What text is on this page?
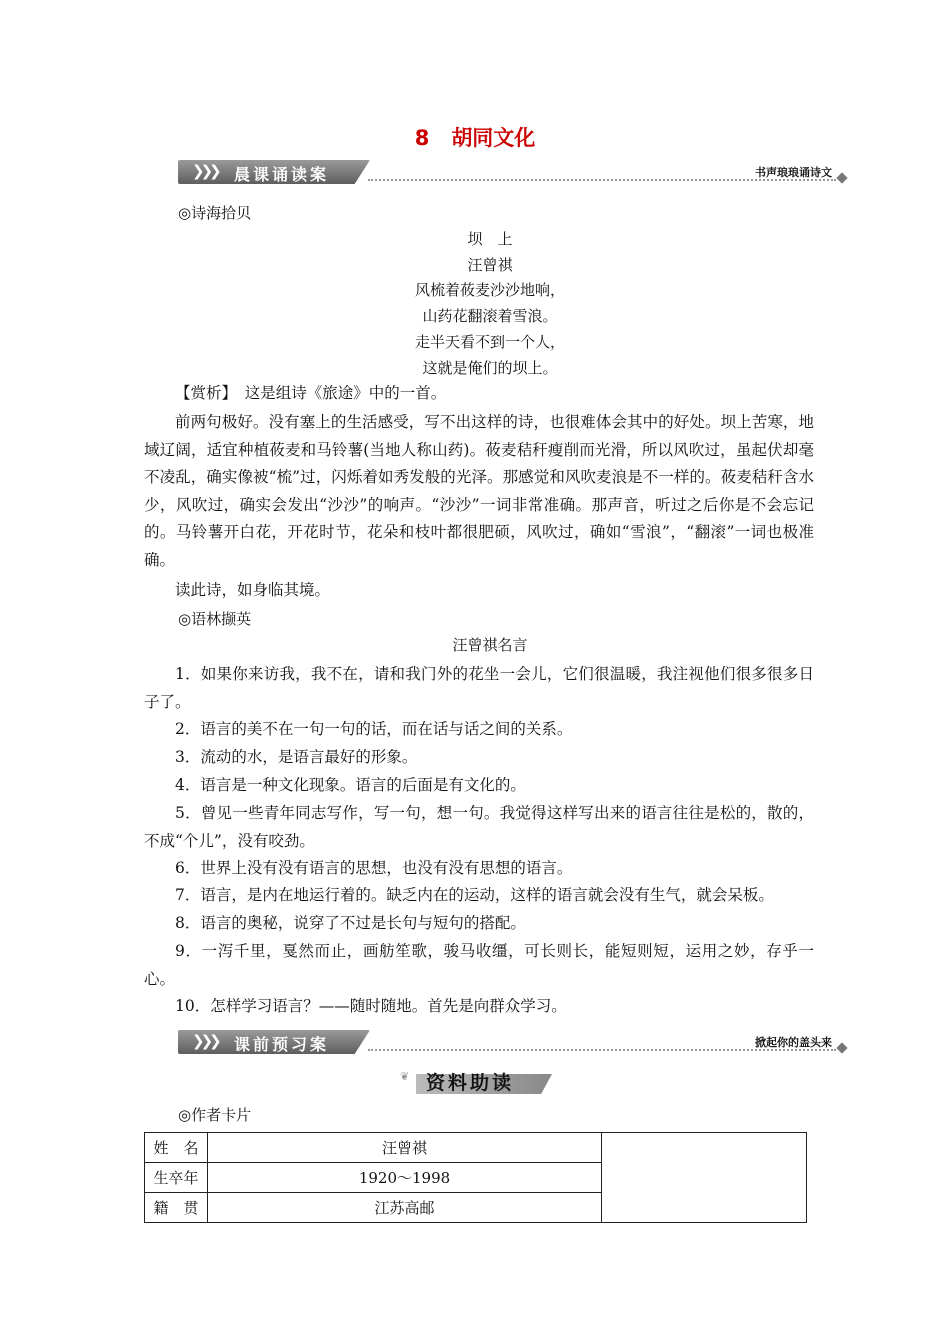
8 胡同文化
❯❯❯ 晨课诵读案	书声琅琅诵诗文
◎诗海拾贝
坝　上
汪曾祺
风梳着莜麦沙沙地响，
山药花翻滚着雪浪。
走半天看不到一个人，
这就是俺们的坝上。
【赏析】　这是组诗《旅途》中的一首。
前两句极好。没有塞上的生活感受，写不出这样的诗，也很难体会其中的好处。坝上苦寒，地域辽阔，适宜种植莜麦和马铃薯(当地人称山药)。莜麦秸秆瘦削而光滑，所以风吹过，虽起伏却毫不凌乱，确实像被“梳”过，闪烁着如秀发般的光泽。那感觉和风吹麦浪是不一样的。莜麦秸秆含水少，风吹过，确实会发出“沙沙”的响声。“沙沙”一词非常准确。那声音，听过之后你是不会忘记的。马铃薯开白花，开花时节，花朵和枝叶都很肥硕，风吹过，确如“雪浪”，“翻滚”一词也极准确。
读此诗，如身临其境。
◎语林撷英
汪曾祺名言
1．如果你来访我，我不在，请和我门外的花坐一会儿，它们很温暖，我注视他们很多很多日子了。
2．语言的美不在一句一句的话，而在话与话之间的关系。
3．流动的水，是语言最好的形象。
4．语言是一种文化现象。语言的后面是有文化的。
5．曾见一些青年同志写作，写一句，想一句。我觉得这样写出来的语言往往是松的，散的，不成“个儿”，没有咬劲。
6．世界上没有没有语言的思想，也没有没有思想的语言。
7．语言，是内在地运行着的。缺乏内在的运动，这样的语言就会没有生气，就会呆板。
8．语言的奥秘，说穿了不过是长句与短句的搭配。
9．一泻千里，戛然而止，画舫笙歌，骏马收缰，可长则长，能短则短，运用之妙，存乎一心。
10．怎样学习语言？——随时随地。首先是向群众学习。
❯❯❯ 课前预习案	掀起你的盖头来
❦ 资料助读
◎作者卡片
姓　名	汪曾祺	
生卒年	1920～1998	
籍　贯	江苏高邮	
